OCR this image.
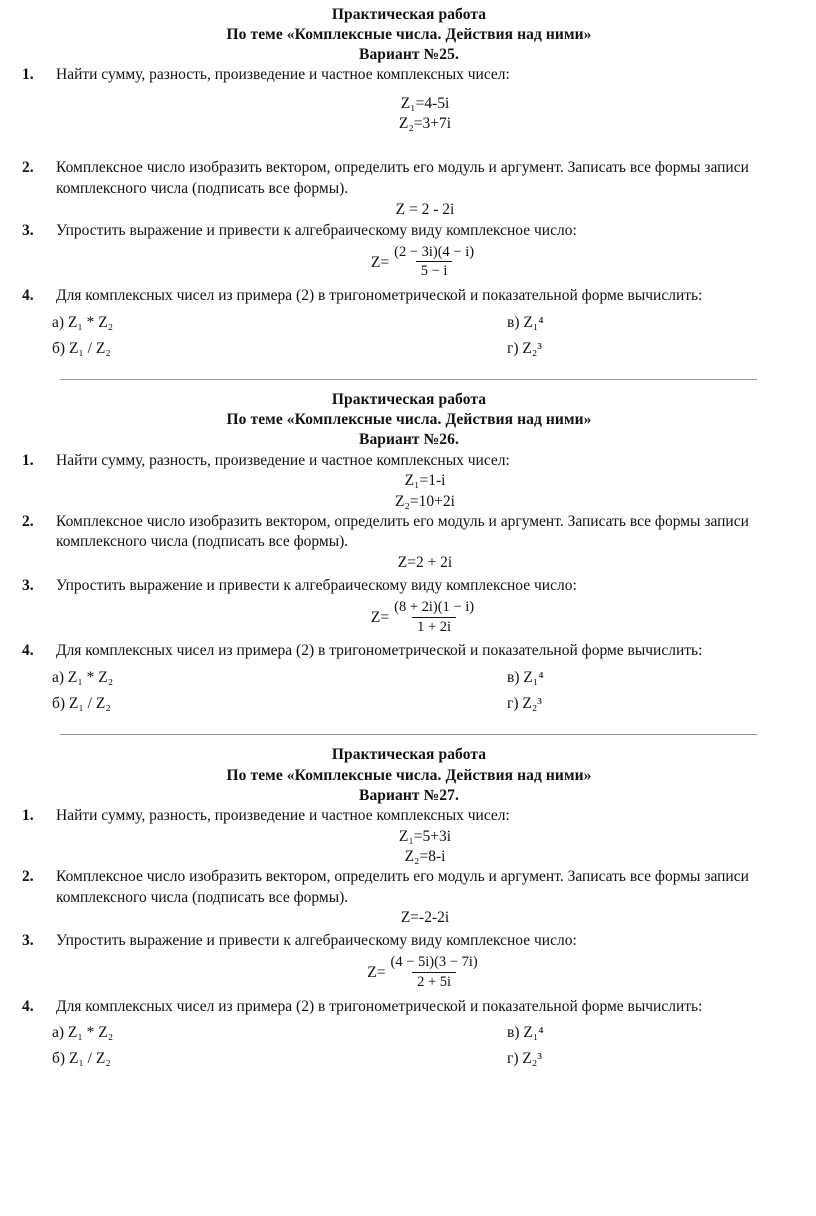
Практическая работа
По теме «Комплексные числа. Действия над ними»
Вариант №25.
Найти сумму, разность, произведение и частное комплексных чисел:
Z₁=4-5i
Z₂=3+7i
Комплексное число изобразить вектором, определить его модуль и аргумент. Записать все формы записи комплексного числа (подписать все формы).
Z = 2 - 2i
Упростить выражение и привести к алгебраическому виду комплексное число:
$Z= \frac{(2 - 3i)(4 - i)}{5 - i}$
Для комплексных чисел из примера (2) в тригонометрической и показательной форме вычислить:
а) Z₁ * Z₂	в) Z₁⁴
б) Z₁ / Z₂	г) Z₂³
Практическая работа
По теме «Комплексные числа. Действия над ними»
Вариант №26.
Найти сумму, разность, произведение и частное комплексных чисел:
Z₁=1-i
Z₂=10+2i
Комплексное число изобразить вектором, определить его модуль и аргумент. Записать все формы записи комплексного числа (подписать все формы).
Z=2 + 2i
Упростить выражение и привести к алгебраическому виду комплексное число:
$Z= \frac{(8 + 2i)(1 - i)}{1 + 2i}$
Для комплексных чисел из примера (2) в тригонометрической и показательной форме вычислить:
а) Z₁ * Z₂	в) Z₁⁴
б) Z₁ / Z₂	г) Z₂³
Практическая работа
По теме «Комплексные числа. Действия над ними»
Вариант №27.
Найти сумму, разность, произведение и частное комплексных чисел:
Z₁=5+3i
Z₂=8-i
Комплексное число изобразить вектором, определить его модуль и аргумент. Записать все формы записи комплексного числа (подписать все формы).
Z=-2-2i
Упростить выражение и привести к алгебраическому виду комплексное число:
$Z= \frac{(4 - 5i)(3 - 7i)}{2 + 5i}$
Для комплексных чисел из примера (2) в тригонометрической и показательной форме вычислить:
а) Z₁ * Z₂	в) Z₁⁴
б) Z₁ / Z₂	г) Z₂³
